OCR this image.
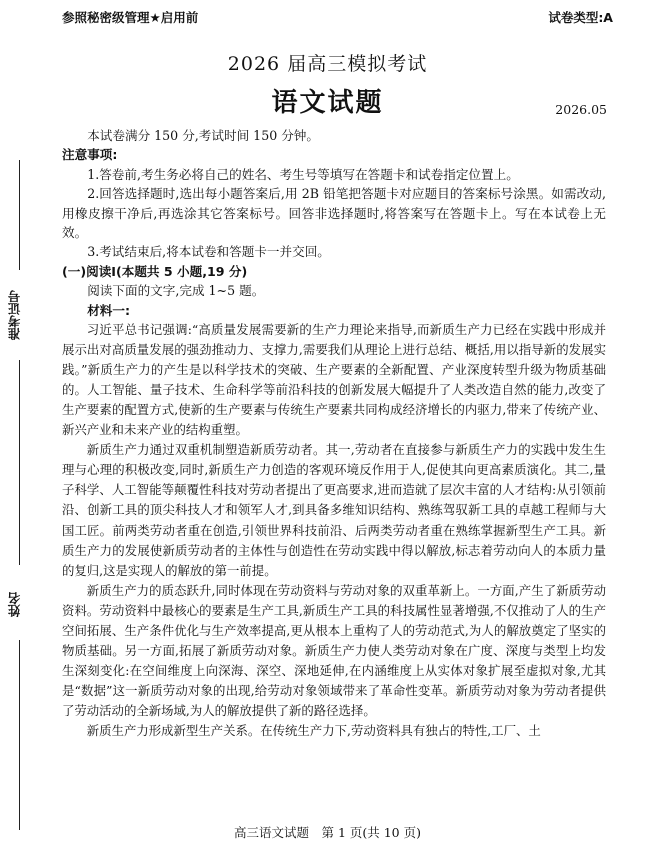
准考证号
姓名
参照秘密级管理★启用前	试卷类型:A
2026 届高三模拟考试
语文试题	2026.05

本试卷满分 150 分,考试时间 150 分钟。

注意事项:

1.答卷前,考生务必将自己的姓名、考生号等填写在答题卡和试卷指定位置上。

2.回答选择题时,选出每小题答案后,用 2B 铅笔把答题卡对应题目的答案标号涂黑。如需改动,用橡皮擦干净后,再选涂其它答案标号。回答非选择题时,将答案写在答题卡上。写在本试卷上无效。

3.考试结束后,将本试卷和答题卡一并交回。

(一)阅读Ⅰ(本题共 5 小题,19 分)

阅读下面的文字,完成 1~5 题。

材料一:

习近平总书记强调:“高质量发展需要新的生产力理论来指导,而新质生产力已经在实践中形成并展示出对高质量发展的强劲推动力、支撑力,需要我们从理论上进行总结、概括,用以指导新的发展实践。”新质生产力的产生是以科学技术的突破、生产要素的全新配置、产业深度转型升级为物质基础的。人工智能、量子技术、生命科学等前沿科技的创新发展大幅提升了人类改造自然的能力,改变了生产要素的配置方式,使新的生产要素与传统生产要素共同构成经济增长的内驱力,带来了传统产业、新兴产业和未来产业的结构重塑。

新质生产力通过双重机制塑造新质劳动者。其一,劳动者在直接参与新质生产力的实践中发生生理与心理的积极改变,同时,新质生产力创造的客观环境反作用于人,促使其向更高素质演化。其二,量子科学、人工智能等颠覆性科技对劳动者提出了更高要求,进而造就了层次丰富的人才结构:从引领前沿、创新工具的顶尖科技人才和领军人才,到具备多维知识结构、熟练驾驭新工具的卓越工程师与大国工匠。前两类劳动者重在创造,引领世界科技前沿、后两类劳动者重在熟练掌握新型生产工具。新质生产力的发展使新质劳动者的主体性与创造性在劳动实践中得以解放,标志着劳动向人的本质力量的复归,这是实现人的解放的第一前提。

新质生产力的质态跃升,同时体现在劳动资料与劳动对象的双重革新上。一方面,产生了新质劳动资料。劳动资料中最核心的要素是生产工具,新质生产工具的科技属性显著增强,不仅推动了人的生产空间拓展、生产条件优化与生产效率提高,更从根本上重构了人的劳动范式,为人的解放奠定了坚实的物质基础。另一方面,拓展了新质劳动对象。新质生产力使人类劳动对象在广度、深度与类型上均发生深刻变化:在空间维度上向深海、深空、深地延伸,在内涵维度上从实体对象扩展至虚拟对象,尤其是“数据”这一新质劳动对象的出现,给劳动对象领域带来了革命性变革。新质劳动对象为劳动者提供了劳动活动的全新场域,为人的解放提供了新的路径选择。

新质生产力形成新型生产关系。在传统生产力下,劳动资料具有独占的特性,工厂、土

高三语文试题　第 1 页(共 10 页)
